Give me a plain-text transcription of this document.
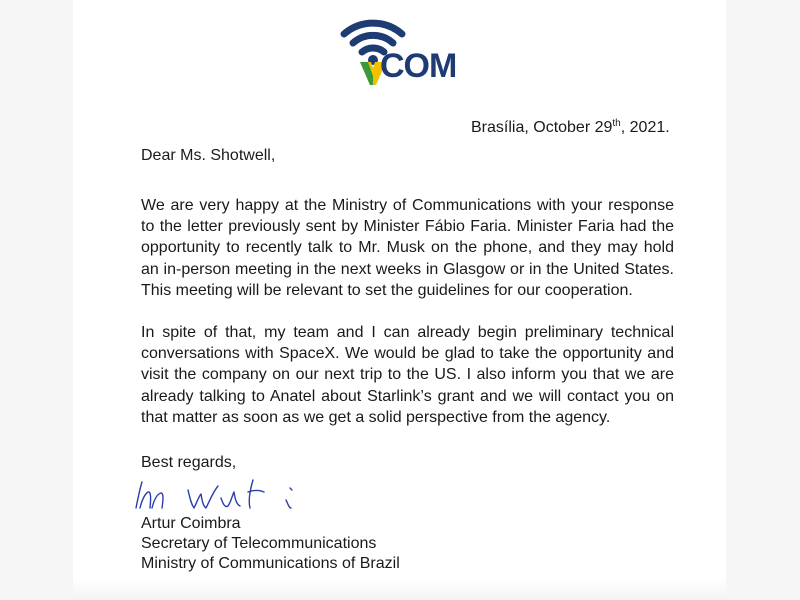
COM
Brasília, October 29th, 2021.
Dear Ms. Shotwell,
We are very happy at the Ministry of Communications with your response
to the letter previously sent by Minister Fábio Faria. Minister Faria had the
opportunity to recently talk to Mr. Musk on the phone, and they may hold
an in-person meeting in the next weeks in Glasgow or in the United States.
This meeting will be relevant to set the guidelines for our cooperation.
In spite of that, my team and I can already begin preliminary technical
conversations with SpaceX. We would be glad to take the opportunity and
visit the company on our next trip to the US. I also inform you that we are
already talking to Anatel about Starlink’s grant and we will contact you on
that matter as soon as we get a solid perspective from the agency.
Best regards,
Artur Coimbra
Secretary of Telecommunications
Ministry of Communications of Brazil
